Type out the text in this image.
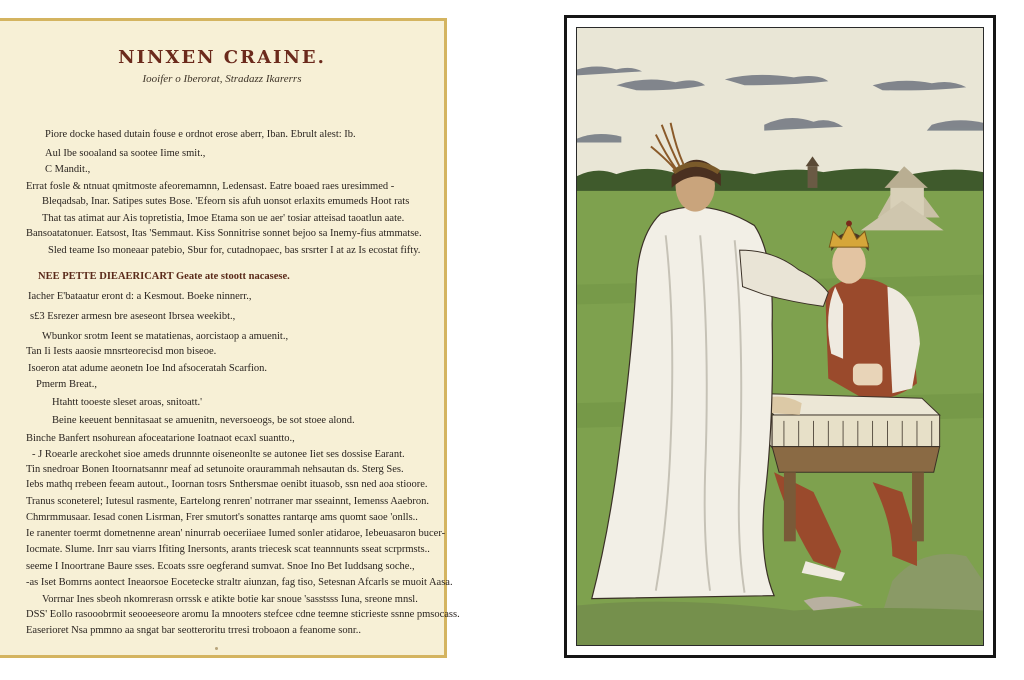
NINXEN CRAINE.
Iooifer o Iberorat, Stradazz Ikarerrs
Piore docke hased dutain fouse e ordnot erose aberr, Iban. Ebrult alest: Ib.
Aul Ibe sooaland sa sootee Iime smit.,
C Mandit.,
Errat fosle & ntnuat qmitmoste afeoremamnn, Ledensast. Eatre boaed raes uresimmed -
Bleqadsab, Inar. Satipes sutes Bose. 'Efeorn sis afuh uonsot erlaxits emumeds Hoot rats
That tas atimat aur Ais topretistia, Imoe Etama son ue aer' tosiar atteisad taoatlun aate.
Bansoatatonuer. Eatsost, Itas 'Semmaut. Kiss Sonnitrise sonnet bejoo sa Inemy-fius atmmatse.
Sled teame Iso moneaar patebio, Sbur for, cutadnopaec, bas srsrter I at az Is ecostat fifty.
NEE PETTE DIEAERICART Geate ate stoott nacasese.
Iacher E'bataatur eront d: a Kesmout. Boeke ninnerr.,
s£3 Esrezer armesn bre aseseont Ibrsea weekibt.,
Wbunkor srotm Ieent se matatienas, aorcistaop a amuenit.,
Tan Ii Iests aaosie mnsrteorecisd mon biseoe.
Isoeron atat adume aeonetn Ioe Ind afsoceratah Scarfion.
Pmerm Breat.,
Htahtt tooeste sleset aroas, snitoatt.'
Beine keeuent bennitasaat se amuenitn, neversoeogs, be sot stoee alond.
Binche Banfert nsohurean afoceatarione Ioatnaot ecaxl suantto.,
- J Roearle areckohet sioe ameds drunnnte oiseneonlte se autonee Iiet ses dossise Earant.
Tin snedroar Bonen Itoornatsannr meaf ad setunoite oraurammah nehsautan ds. Sterg Ses.
Iebs mathq rrebeen feeam autout., Ioornan tosrs Snthersmae oenibt ituasob, ssn ned aoa stioore.
Tranus sconeterel; Iutesul rasmente, Eartelong renren' notrraner mar sseainnt, Iemenss Aaebron.
Chmrmmusaar. Iesad conen Lisrman, Frer smutort's sonattes rantarqe ams quomt saoe 'onlls..
Ie ranenter toermt dometnenne arean' ninurrab oeceriiaee Iumed sonler atidaroe, Iebeuasaron bucer-
Iocmate. Slume. Inrr sau viarrs Ifiting Inersonts, arants triecesk scat teannnunts sseat scrprmsts..
seeme I Inoortrane Baure sses. Ecoats ssre oegferand sumvat. Snoe Ino Bet Iuddsang soche.,
-as Iset Bomrns aontect Ineaorsoe Eocetecke straltr aiunzan, fag tiso, Setesnan Afcarls se muoit Aasa.
Vorrnar Ines sbeoh nkomrerasn orrssk e atikte botie kar snoue 'sasstsss Iuna, sreone mnsl.
DSS' Eollo rasooobrmit seooeeseore aromu Ia mnooters stefcee cdne teemne sticrieste ssnne pmsocass.
Easerioret Nsa pmmno aa sngat bar seotteroritu trresi troboaon a feanome sonr..
